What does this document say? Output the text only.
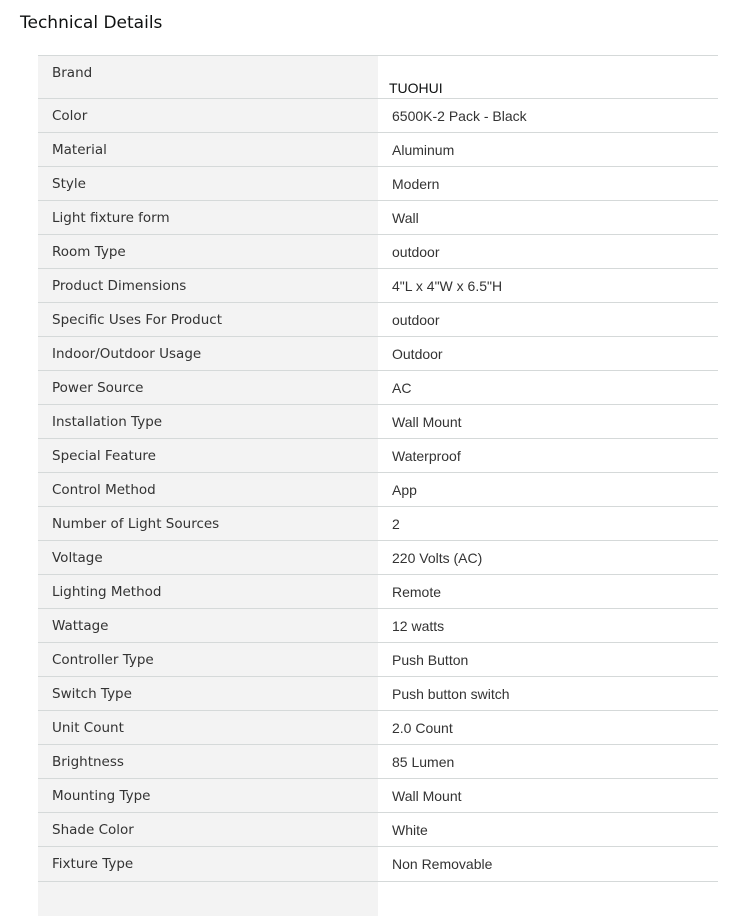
Technical Details
Brand	TUOHUI
Color	6500K-2 Pack - Black
Material	Aluminum
Style	Modern
Light fixture form	Wall
Room Type	outdoor
Product Dimensions	4"L x 4"W x 6.5"H
Specific Uses For Product	outdoor
Indoor/Outdoor Usage	Outdoor
Power Source	AC
Installation Type	Wall Mount
Special Feature	Waterproof
Control Method	App
Number of Light Sources	2
Voltage	220 Volts (AC)
Lighting Method	Remote
Wattage	12 watts
Controller Type	Push Button
Switch Type	Push button switch
Unit Count	2.0 Count
Brightness	85 Lumen
Mounting Type	Wall Mount
Shade Color	White
Fixture Type	Non Removable
